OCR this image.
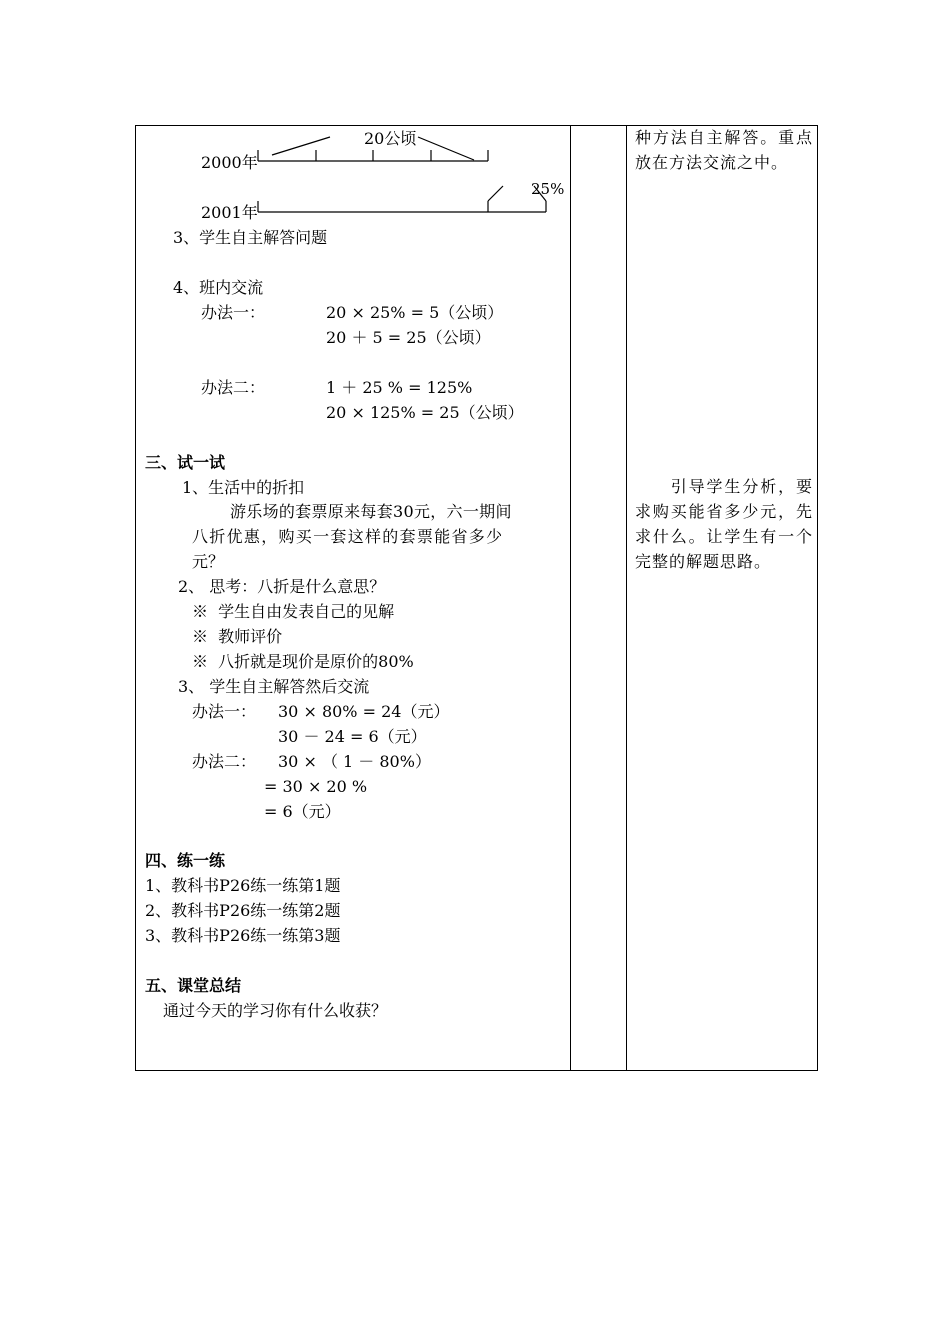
20公顷
2000年
25%
2001年
3、学生自主解答问题
4、班内交流
办法一：	20 × 25% = 5（公顷）
20 ＋ 5 = 25（公顷）
办法二：	1 ＋ 25 % = 125%
20 × 125% = 25（公顷）
三、试一试
1、生活中的折扣
游乐场的套票原来每套30元，六一期间
八折优惠，购买一套这样的套票能省多少
元？
2、 思考：八折是什么意思？
※  学生自由发表自己的见解
※  教师评价
※  八折就是现价是原价的80%
3、 学生自主解答然后交流
办法一： 30 × 80% = 24（元）
30 － 24 = 6（元）
办法二： 30 × （ 1 － 80%）
= 30 × 20 %
= 6（元）
四、练一练
1、教科书P26练一练第1题
2、教科书P26练一练第2题
3、教科书P26练一练第3题
五、课堂总结
通过今天的学习你有什么收获？

种方法自主解答。重点放在方法交流之中。

　　引导学生分析，要求购买能省多少元，先求什么。让学生有一个完整的解题思路。
